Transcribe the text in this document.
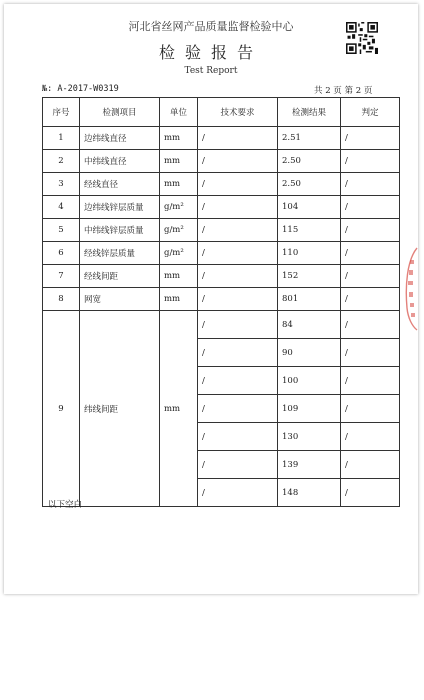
河北省丝网产品质量监督检验中心
检验报告
Test Report
№: A-2017-W0319	共 2 页 第 2 页
序号	检测项目	单位	技术要求	检测结果	判定
1	边纬线直径	mm	/	2.51	/
2	中纬线直径	mm	/	2.50	/
3	经线直径	mm	/	2.50	/
4	边纬线锌层质量	g/m²	/	104	/
5	中纬线锌层质量	g/m²	/	115	/
6	经线锌层质量	g/m²	/	110	/
7	经线间距	mm	/	152	/
8	网宽	mm	/	801	/
9	纬线间距	mm	/	84	/
			/	90	/
			/	100	/
			/	109	/
			/	130	/
			/	139	/
			/	148	/
以下空白
